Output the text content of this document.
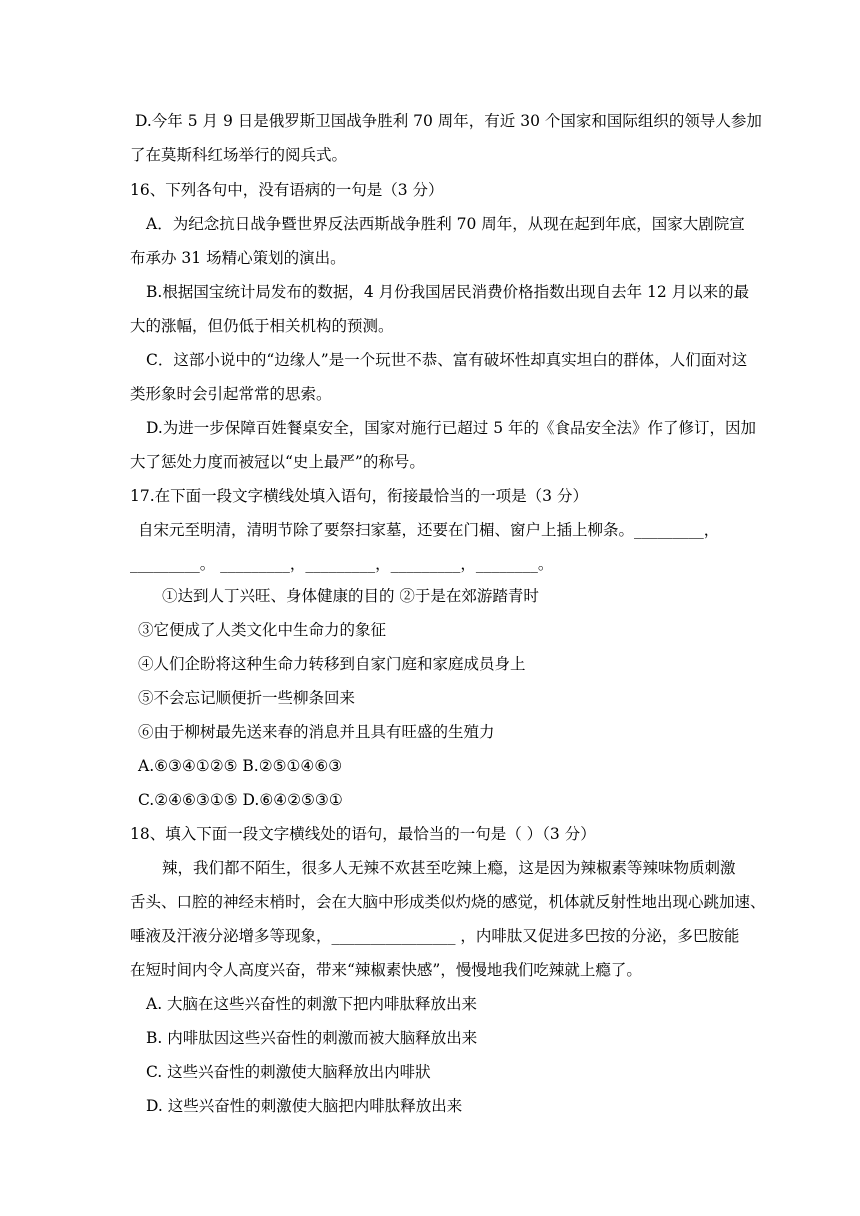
D.今年 5 月 9 日是俄罗斯卫国战争胜利 70 周年，有近 30 个国家和国际组织的领导人参加
了在莫斯科红场举行的阅兵式。
16、下列各句中，没有语病的一句是（3 分）
A．为纪念抗日战争暨世界反法西斯战争胜利 70 周年，从现在起到年底，国家大剧院宣
布承办 31 场精心策划的演出。
B.根据国宝统计局发布的数据，4 月份我国居民消费价格指数出现自去年 12 月以来的最
大的涨幅，但仍低于相关机构的预测。
C．这部小说中的“边缘人”是一个玩世不恭、富有破坏性却真实坦白的群体，人们面对这
类形象时会引起常常的思索。
D.为进一步保障百姓餐桌安全，国家对施行已超过 5 年的《食品安全法》作了修订，因加
大了惩处力度而被冠以“史上最严”的称号。
17.在下面一段文字横线处填入语句，衔接最恰当的一项是（3 分）
自宋元至明清，清明节除了要祭扫家墓，还要在门楣、窗户上插上柳条。_________，
_________。 _________，_________，_________，________。
①达到人丁兴旺、身体健康的目的 ②于是在郊游踏青时
③它便成了人类文化中生命力的象征
④人们企盼将这种生命力转移到自家门庭和家庭成员身上
⑤不会忘记顺便折一些柳条回来
⑥由于柳树最先送来春的消息并且具有旺盛的生殖力
A.⑥③④①②⑤ B.②⑤①④⑥③
C.②④⑥③①⑤ D.⑥④②⑤③①
18、填入下面一段文字横线处的语句，最恰当的一句是（ ）（3 分）
辣，我们都不陌生，很多人无辣不欢甚至吃辣上瘾，这是因为辣椒素等辣味物质刺激
舌头、口腔的神经末梢时，会在大脑中形成类似灼烧的感觉，机体就反射性地出现心跳加速、
唾液及汗液分泌增多等现象，________________ ，内啡肽又促进多巴按的分泌，多巴胺能
在短时间内令人高度兴奋，带来“辣椒素快感”，慢慢地我们吃辣就上瘾了。
A. 大脑在这些兴奋性的刺激下把内啡肽释放出来
B. 内啡肽因这些兴奋性的刺激而被大脑释放出来
C. 这些兴奋性的刺激使大脑释放出内啡狀
D. 这些兴奋性的刺激使大脑把内啡肽释放出来
